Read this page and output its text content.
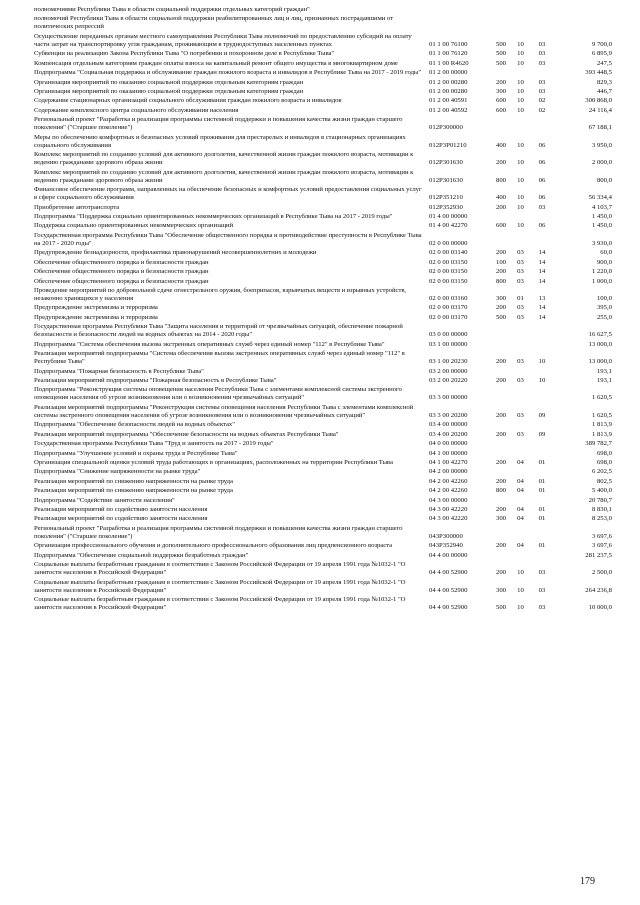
полномочиями Республики Тыва в области социальной поддержки отдельных категорий граждан"
полномочий Республики Тыва в области социальной поддержки реабилитированных лиц и лиц, признанных пострадавшими от политических репрессий
Осуществление переданных органам местного самоуправления Республики Тыва полномочий по предоставлению субсидий на оплату части затрат на транспортировку угля гражданам, проживающим в труднодоступных населенных пунктах	01 1 00 76100	500	10	03	9 700,0
Субвенции на реализацию Закона Республики Тыва "О погребении и похоронном деле в Республике Тыва"	01 1 00 76120	500	10	03	6 895,9
Компенсация отдельным категориям граждан оплаты взноса на капитальный ремонт общего имущества в многоквартирном доме	01 1 00 R4620	500	10	03	247,5
Подпрограмма "Социальная поддержка и обслуживание граждан пожилого возраста и инвалидов в Республике Тыва на 2017 - 2019 годы" 01 2 00 00000	393 448,5
Организация мероприятий по оказанию социальной поддержки отдельным категориям граждан	01 2 00 00280	200	10	03	829,3
Организация мероприятий по оказанию социальной поддержки отдельным категориям граждан	01 2 00 00280	300	10	03	446,7
Содержание стационарных организаций социального обслуживания граждан пожилого возраста и инвалидов	01 2 00 40591	600	10	02	300 868,0
Содержание комплексного центра социального обслуживания населения	01 2 00 40592	600	10	02	24 116,4
Региональный проект "Разработка и реализация программы системной поддержки и повышения качества жизни граждан старшего поколения" ("Старшее поколение")	012P300000	67 188,1
Меры по обеспечению комфортных и безопасных условий проживания для престарелых и инвалидов в стационарных организациях социального обслуживания	012P3P01210	400	10	06	3 950,0
Комплекс мероприятий по созданию условий для активного долголетия, качественной жизни граждан пожилого возраста, мотивации к ведению гражданами здорового образа жизни	012P301630	200	10	06	2 000,0
Комплекс мероприятий по созданию условий для активного долголетия, качественной жизни граждан пожилого возраста, мотивации к ведению гражданами здорового образа жизни	012P301630	800	10	06	800,0
Финансовое обеспечение программ, направленных на обеспечение безопасных и комфортных условий предоставления социальных услуг в сфере социального обслуживания	012P351210	400	10	06	56 334,4
Приобретение автотранспорта	012P352930	200	10	03	4 103,7
Подпрограмма "Поддержка социально ориентированных некоммерческих организаций в Республике Тыва на 2017 - 2019 годы"	01 4 00 00000	1 450,0
Поддержка социально ориентированных некоммерческих организаций	01 4 00 42270	600	10	06	1 450,0
Государственная программа Республики Тыва "Обеспечение общественного порядка и противодействие преступности в Республике Тыва на 2017 - 2020 годы"	02 0 00 00000	3 930,0
Предупреждение безнадзорности, профилактика правонарушений несовершеннолетних и молодежи	02 0 00 03140	200	03	14	60,0
Обеспечение общественного порядка и безопасности граждан	02 0 00 03150	100	03	14	900,0
Обеспечение общественного порядка и безопасности граждан	02 0 00 03150	200	03	14	1 220,0
Обеспечение общественного порядка и безопасности граждан	02 0 00 03150	800	03	14	1 000,0
Проведение мероприятий по добровольной сдаче огнестрельного оружия, боеприпасов, взрывчатых веществ и взрывных устройств, незаконно хранящихся у населения	02 0 00 03160	300	01	13	100,0
Предупреждение экстремизма и терроризма	02 0 00 03170	200	03	14	395,0
Предупреждение экстремизма и терроризма	02 0 00 03170	500	03	14	255,0
Государственная программа Республики Тыва "Защита населения и территорий от чрезвычайных ситуаций, обеспечение пожарной безопасности и безопасности людей на водных объектах на 2014 - 2020 годы"	03 0 00 00000	16 627,5
Подпрограмма "Система обеспечения вызова экстренных оперативных служб через единый номер "112" в Республике Тыва"	03 1 00 00000	13 000,0
Реализация мероприятий подпрограммы "Система обеспечения вызова экстренных оперативных служб через единый номер "112" в Республике Тыва"	03 1 00 20230	200	03	10	13 000,0
Подпрограмма "Пожарная безопасность в Республике Тыва"	03 2 00 00000	193,1
Реализация мероприятий подпрограммы "Пожарная безопасность в Республике Тыва"	03 2 00 20220	200	03	10	193,1
Подпрограмма "Реконструкция системы оповещения населения Республики Тыва с элементами комплексной системы экстренного оповещения населения об угрозе возникновения или о возникновении чрезвычайных ситуаций"	03 3 00 00000	1 620,5
Реализация мероприятий подпрограммы "Реконструкция системы оповещения населения Республики Тыва с элементами комплексной системы экстренного оповещения населения об угрозе возникновения или о возникновении чрезвычайных ситуаций"	03 3 00 20200	200	03	09	1 620,5
Подпрограмма "Обеспечение безопасности людей на водных объектах"	03 4 00 00000	1 813,9
Реализация мероприятий подпрограммы "Обеспечение безопасности на водных объектах Республики Тыва"	03 4 00 20200	200	03	09	1 813,9
Государственная программа Республики Тыва "Труд и занятость на 2017 - 2019 годы"	04 0 00 00000	389 782,7
Подпрограмма "Улучшение условий и охраны труда в Республике Тыва"	04 1 00 00000	698,0
Организация специальной оценки условий труда работающих в организациях, расположенных на территории Республики Тыва	04 1 00 42270	200	04	01	698,0
Подпрограмма "Снижение напряженности на рынке труда"	04 2 00 00000	6 202,5
Реализация мероприятий по снижению напряженности на рынке труда	04 2 00 42260	200	04	01	802,5
Реализация мероприятий по снижению напряженности на рынке труда	04 2 00 42260	800	04	01	5 400,0
Подпрограмма "Содействие занятости населения"	04 3 00 00000	20 780,7
Реализация мероприятий по содействию занятости населения	04 3 00 42220	200	04	01	8 830,1
Реализация мероприятий по содействию занятости населения	04 3 00 42220	300	04	01	8 253,0
Региональный проект "Разработка и реализация программы системной поддержки и повышения качества жизни граждан старшего поколения" ("Старшее поколение")	043P300000	3 697,6
Организация профессионального обучения и дополнительного профессионального образования лиц предпенсионного возраста	043P352940	200	04	01	3 697,6
Подпрограмма "Обеспечение социальной поддержки безработных граждан"	04 4 00 00000	281 237,5
Социальные выплаты безработным гражданам в соответствии с Законом Российской Федерации от 19 апреля 1991 года №1032-1 "О занятости населения в Российской Федерации"	04 4 00 52900	200	10	03	2 500,0
Социальные выплаты безработным гражданам в соответствии с Законом Российской Федерации от 19 апреля 1991 года №1032-1 "О занятости населения в Российской Федерации"	04 4 00 52900	300	10	03	264 236,8
Социальные выплаты безработным гражданам в соответствии с Законом Российской Федерации от 19 апреля 1991 года №1032-1 "О занятости населения в Российской Федерации"	04 4 00 52900	500	10	03	10 000,0
179
